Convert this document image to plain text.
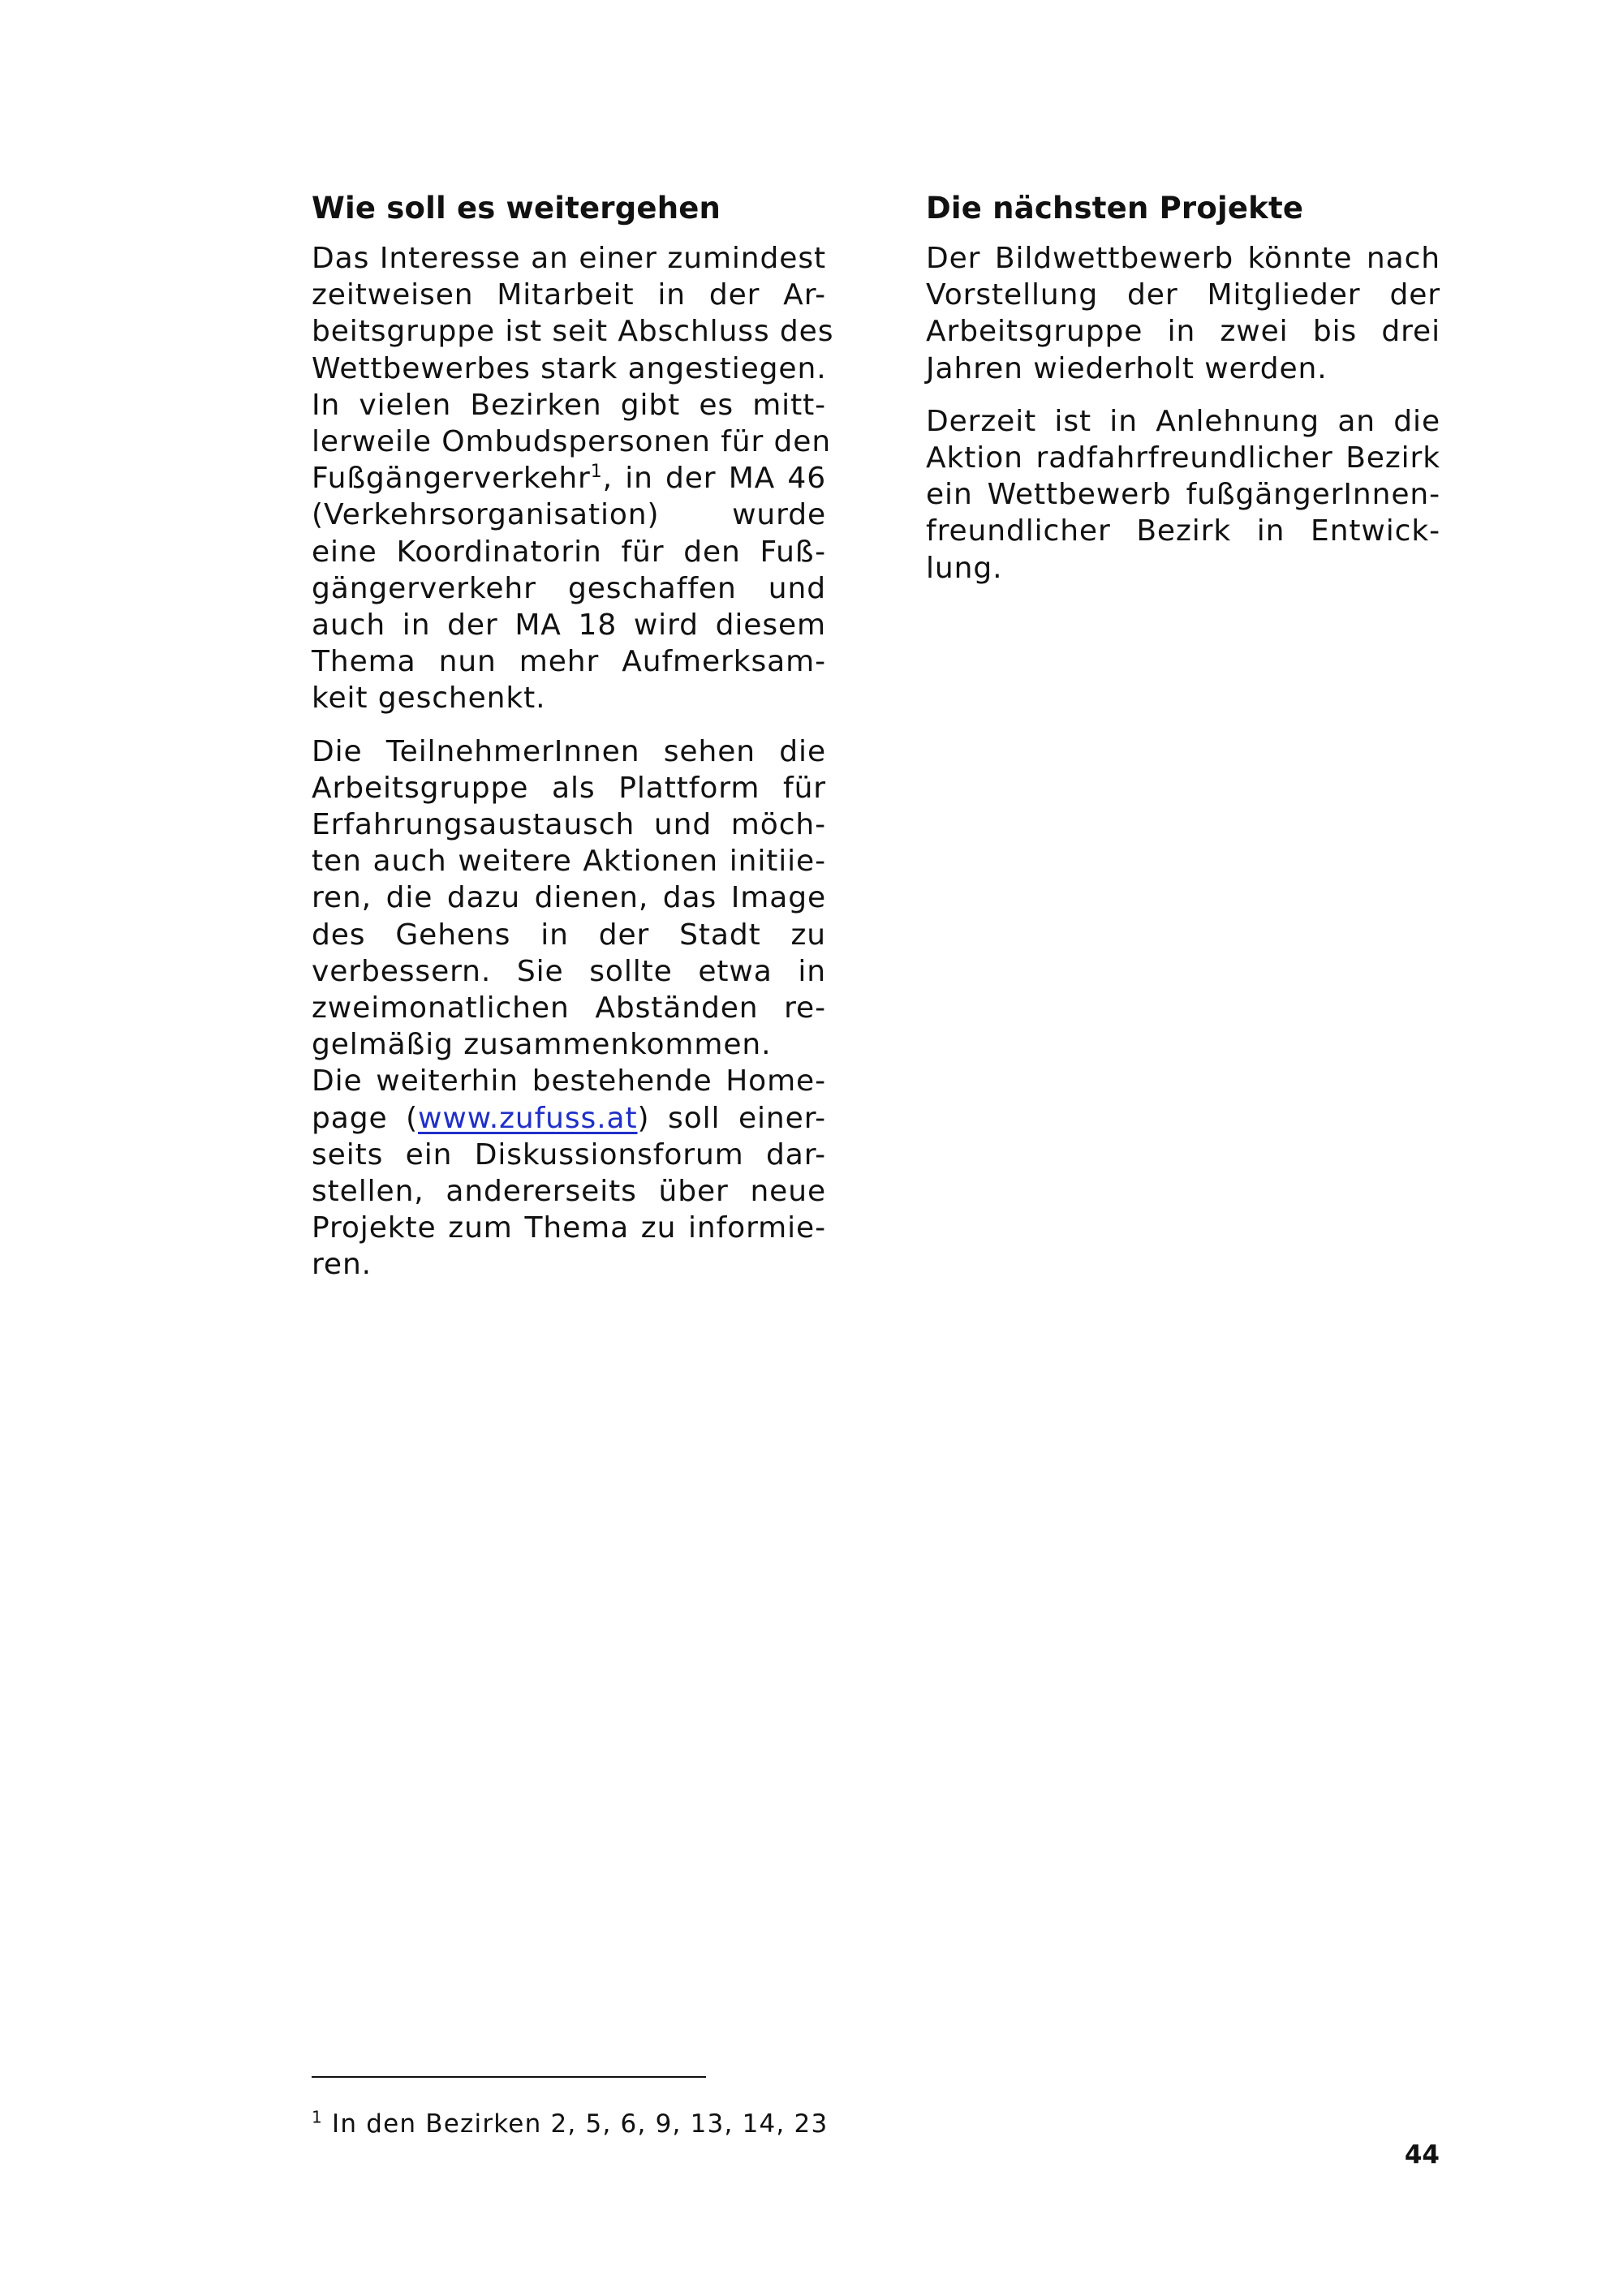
Wie soll es weitergehen
Das Interesse an einer zumindest
zeitweisen Mitarbeit in der Ar-
beitsgruppe ist seit Abschluss des
Wettbewerbes stark angestiegen.
In vielen Bezirken gibt es mitt-
lerweile Ombudspersonen für den
Fußgängerverkehr$^1$, in der MA 46
(Verkehrsorganisation) wurde
eine Koordinatorin für den Fuß-
gängerverkehr geschaffen und
auch in der MA 18 wird diesem
Thema nun mehr Aufmerksam-
keit geschenkt.
Die TeilnehmerInnen sehen die
Arbeitsgruppe als Plattform für
Erfahrungsaustausch und möch-
ten auch weitere Aktionen initiie-
ren, die dazu dienen, das Image
des Gehens in der Stadt zu
verbessern. Sie sollte etwa in
zweimonatlichen Abständen re-
gelmäßig zusammenkommen.
Die weiterhin bestehende Home-
page (www.zufuss.at) soll einer-
seits ein Diskussionsforum dar-
stellen, andererseits über neue
Projekte zum Thema zu informie-
ren.
Die nächsten Projekte
Der Bildwettbewerb könnte nach
Vorstellung der Mitglieder der
Arbeitsgruppe in zwei bis drei
Jahren wiederholt werden.
Derzeit ist in Anlehnung an die
Aktion radfahrfreundlicher Bezirk
ein Wettbewerb fußgängerInnen-
freundlicher Bezirk in Entwick-
lung.
$^1$ In den Bezirken 2, 5, 6, 9, 13, 14, 23
44
